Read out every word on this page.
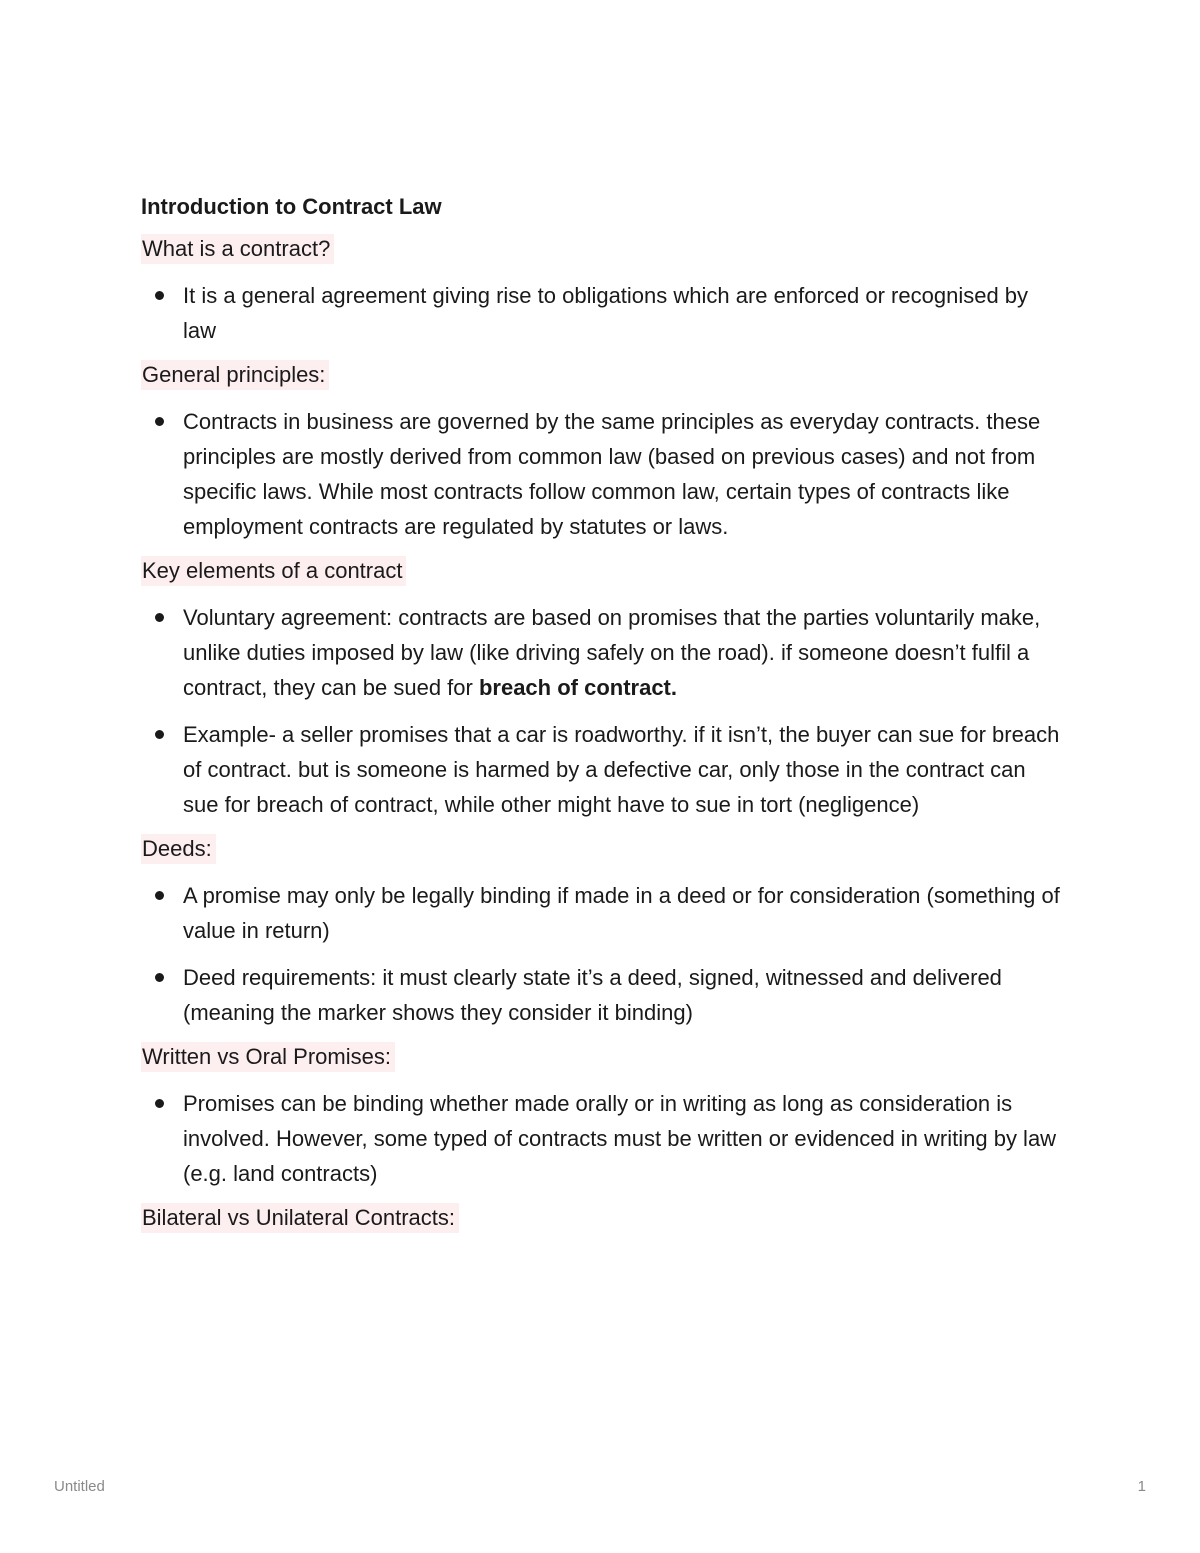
Introduction to Contract Law
What is a contract?
It is a general agreement giving rise to obligations which are enforced or recognised by law
General principles:
Contracts in business are governed by the same principles as everyday contracts. these principles are mostly derived from common law (based on previous cases) and not from specific laws. While most contracts follow common law, certain types of contracts like employment contracts are regulated by statutes or laws.
Key elements of a contract
Voluntary agreement: contracts are based on promises that the parties voluntarily make, unlike duties imposed by law (like driving safely on the road). if someone doesn’t fulfil a contract, they can be sued for breach of contract.
Example- a seller promises that a car is roadworthy. if it isn’t, the buyer can sue for breach of contract. but is someone is harmed by a defective car, only those in the contract can sue for breach of contract, while other might have to sue in tort (negligence)
Deeds:
A promise may only be legally binding if made in a deed or for consideration (something of value in return)
Deed requirements: it must clearly state it’s a deed, signed, witnessed and delivered (meaning the marker shows they consider it binding)
Written vs Oral Promises:
Promises can be binding whether made orally or in writing as long as consideration is involved. However, some typed of contracts must be written or evidenced in writing by law (e.g. land contracts)
Bilateral vs Unilateral Contracts:
Untitled	1
